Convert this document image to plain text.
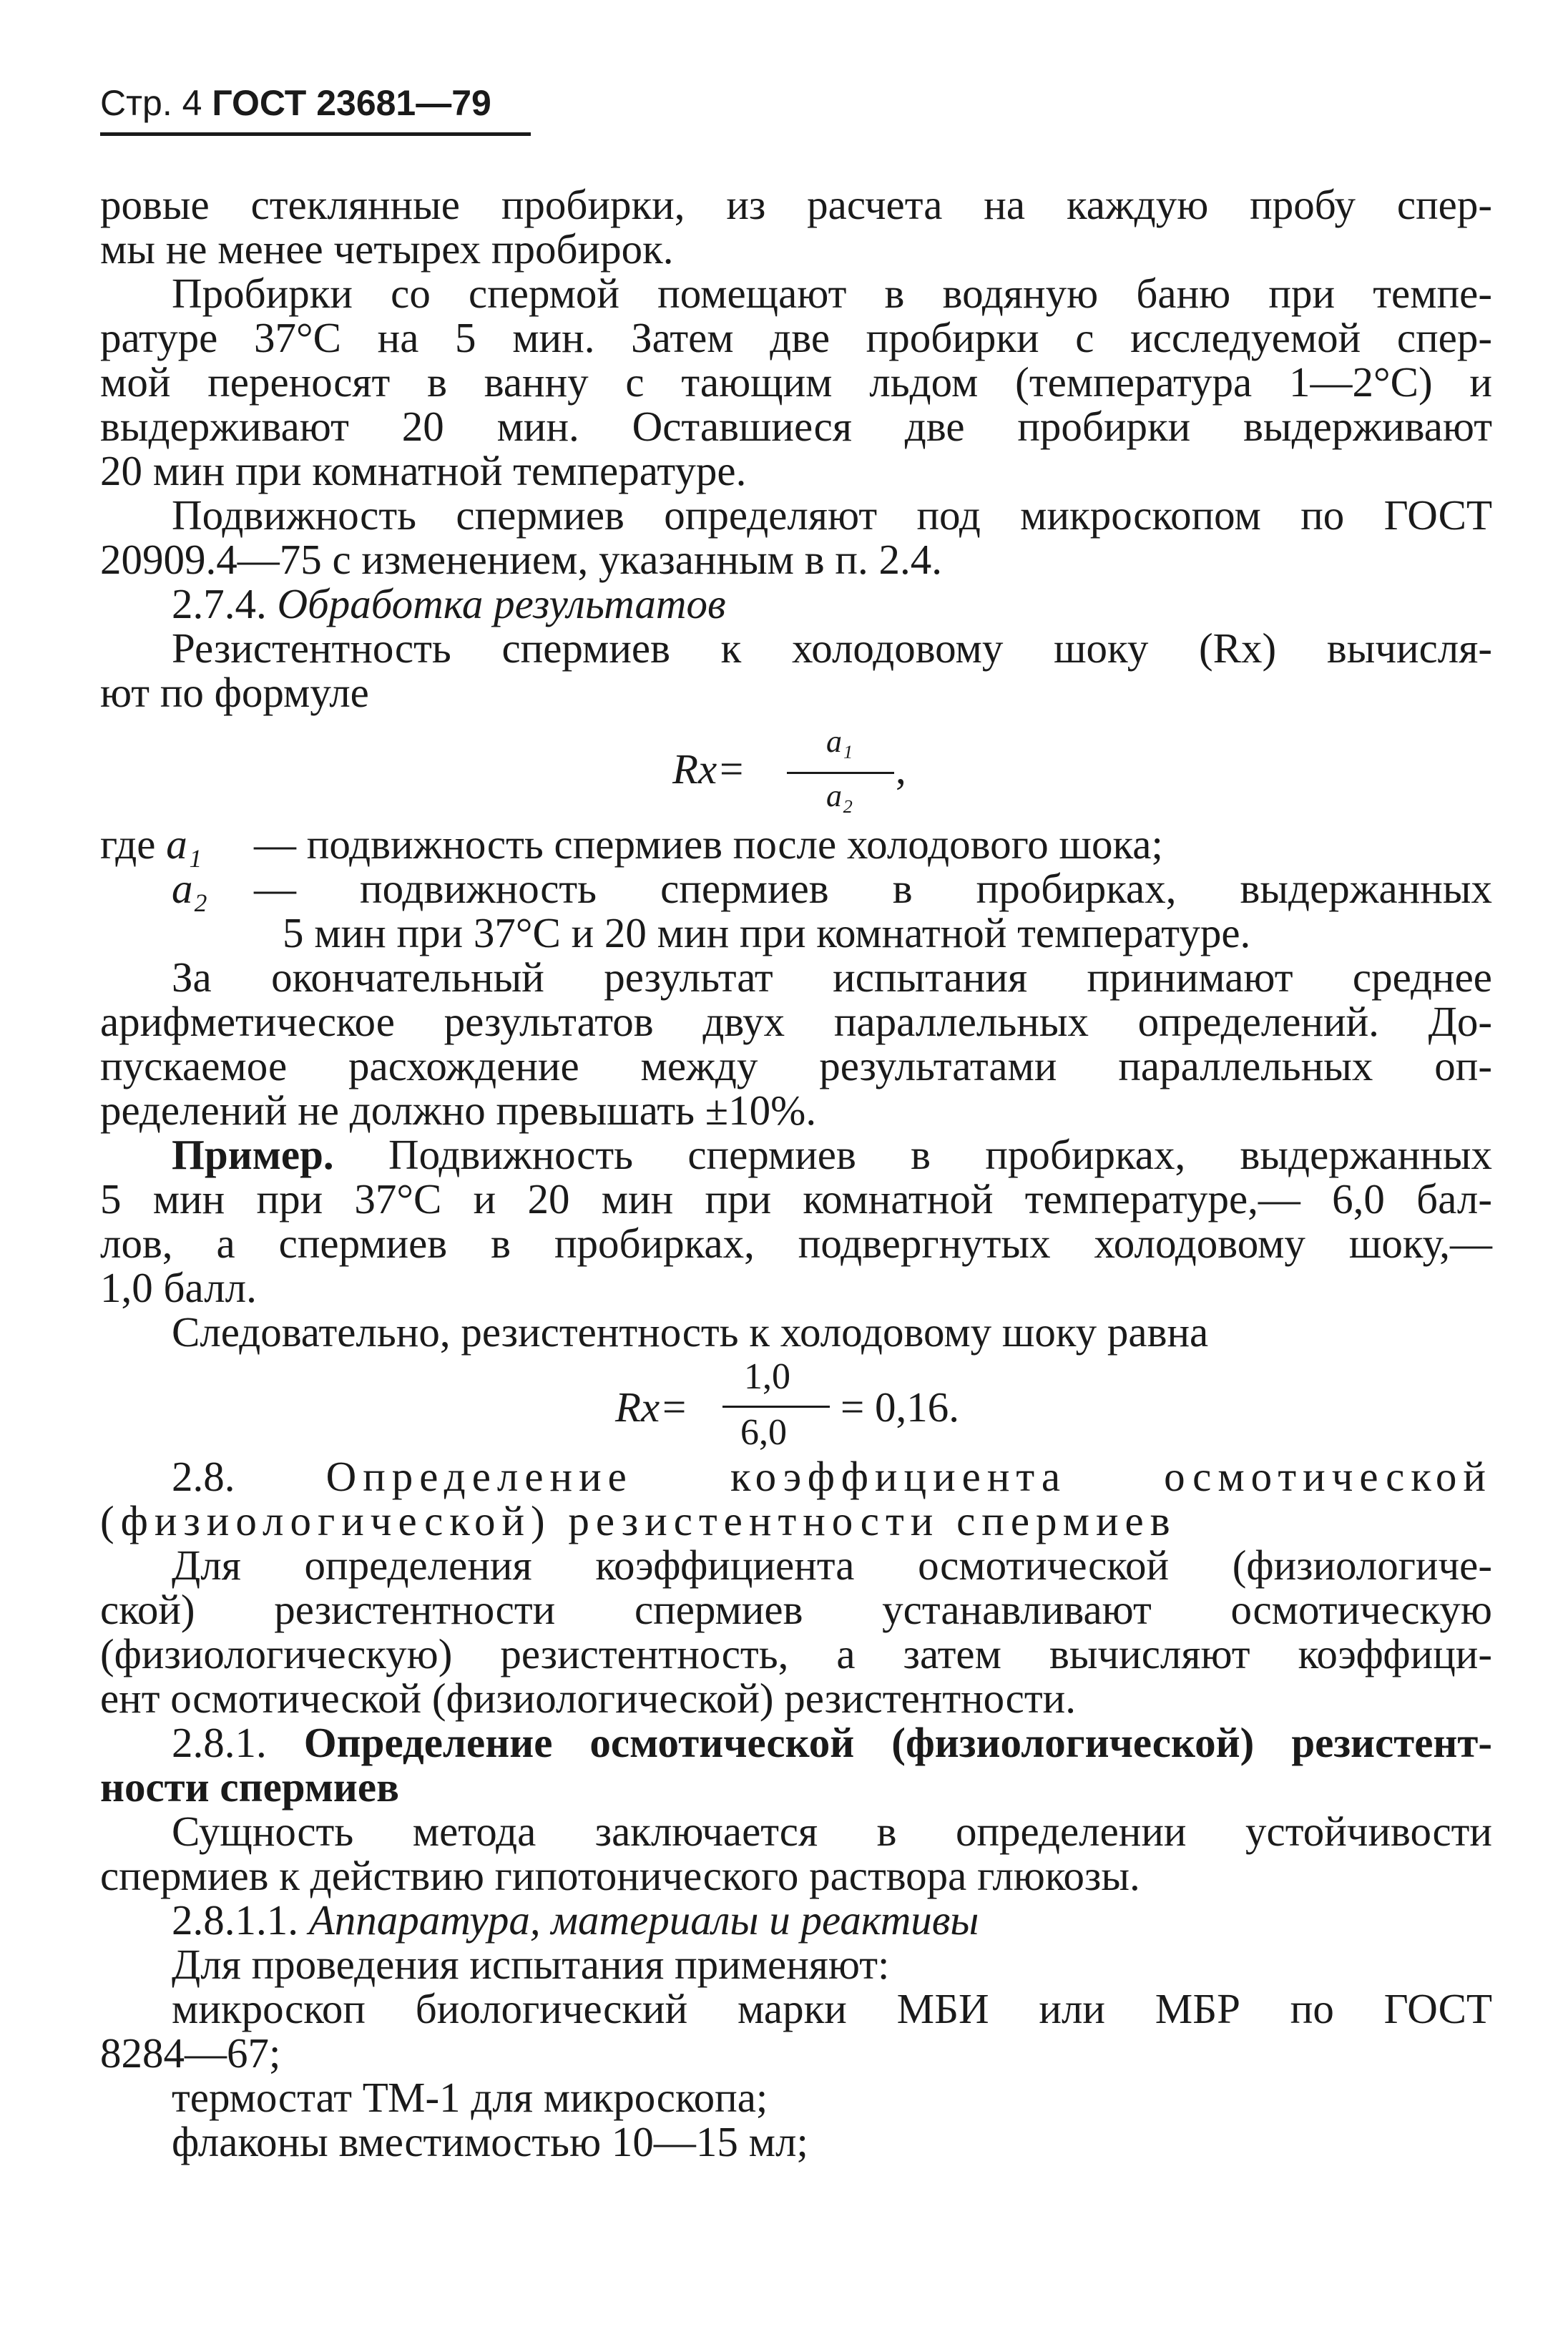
Стр. 4 ГОСТ 23681—79
ровые стеклянные пробирки, из расчета на каждую пробу спер-
мы не менее четырех пробирок.
Пробирки со спермой помещают в водяную баню при темпе-
ратуре 37°С на 5 мин. Затем две пробирки с исследуемой спер-
мой переносят в ванну с тающим льдом (температура 1—2°С) и
выдерживают 20 мин. Оставшиеся две пробирки выдерживают
20 мин при комнатной температуре.
Подвижность спермиев определяют под микроскопом по ГОСТ
20909.4—75 с изменением, указанным в п. 2.4.
2.7.4. Обработка результатов
Резистентность спермиев к холодовому шоку (Rх) вычисля-
ют по формуле
Rх=
a₁
a₂
,
где a₁ — подвижность спермиев после холодового шока;
a₂ — подвижность спермиев в пробирках, выдержанных
5 мин при 37°С и 20 мин при комнатной температуре.
За окончательный результат испытания принимают среднее
арифметическое результатов двух параллельных определений. До-
пускаемое расхождение между результатами параллельных оп-
ределений не должно превышать ±10%.
Пример. Подвижность спермиев в пробирках, выдержанных
5 мин при 37°С и 20 мин при комнатной температуре,— 6,0 бал-
лов, а спермиев в пробирках, подвергнутых холодовому шоку,—
1,0 балл.
Следовательно, резистентность к холодовому шоку равна
Rх=
1,0
6,0
= 0,16.
2.8. Определение коэффициента осмотической
(физиологической) резистентности спермиев
Для определения коэффициента осмотической (физиологиче-
ской) резистентности спермиев устанавливают осмотическую
(физиологическую) резистентность, а затем вычисляют коэффици-
ент осмотической (физиологической) резистентности.
2.8.1. Определение осмотической (физиологической) резистент-
ности спермиев
Сущность метода заключается в определении устойчивости
спермиев к действию гипотонического раствора глюкозы.
2.8.1.1. Аппаратура, материалы и реактивы
Для проведения испытания применяют:
микроскоп биологический марки МБИ или МБР по ГОСТ
8284—67;
термостат ТМ-1 для микроскопа;
флаконы вместимостью 10—15 мл;
